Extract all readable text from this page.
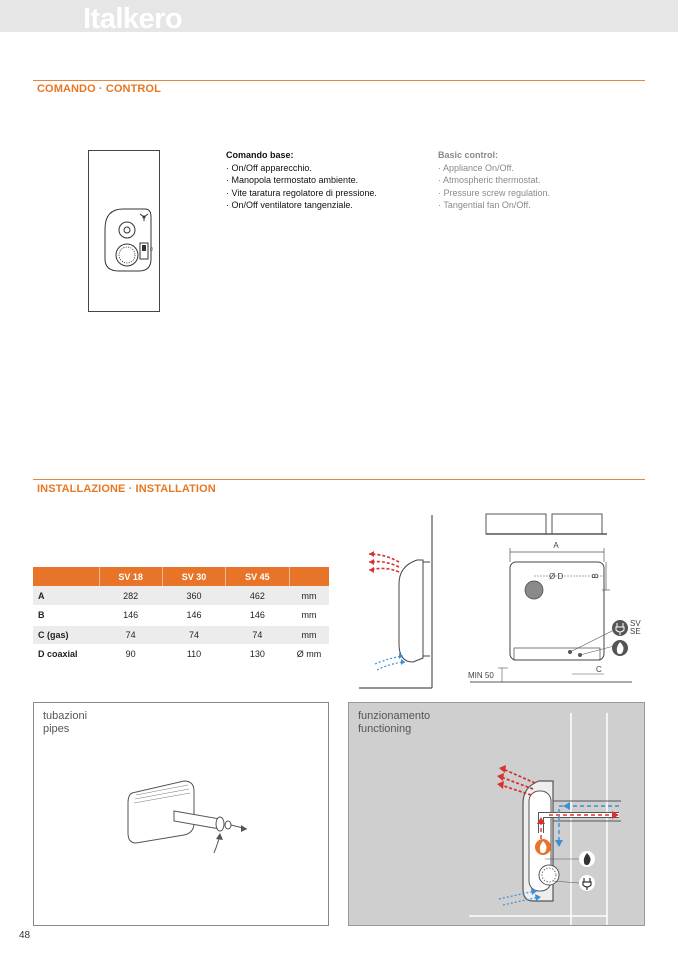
Italkero
COMANDO · CONTROL
0
I
Comando base:
· On/Off apparecchio.
· Manopola termostato ambiente.
· Vite taratura regolatore di pressione.
· On/Off ventilatore tangenziale.
Basic control:
· Appliance On/Off.
· Atmospheric thermostat.
· Pressure screw regulation.
· Tangential fan On/Off.
INSTALLAZIONE · INSTALLATION
	SV 18	SV 30	SV 45	
A	282	360	462	mm
B	146	146	146	mm
C (gas)	74	74	74	mm
D coaxial	90	110	130	Ø mm
A
Ø D	B
MIN 50
C
SV
SE
tubazioni
pipes
funzionamento
functioning
48
